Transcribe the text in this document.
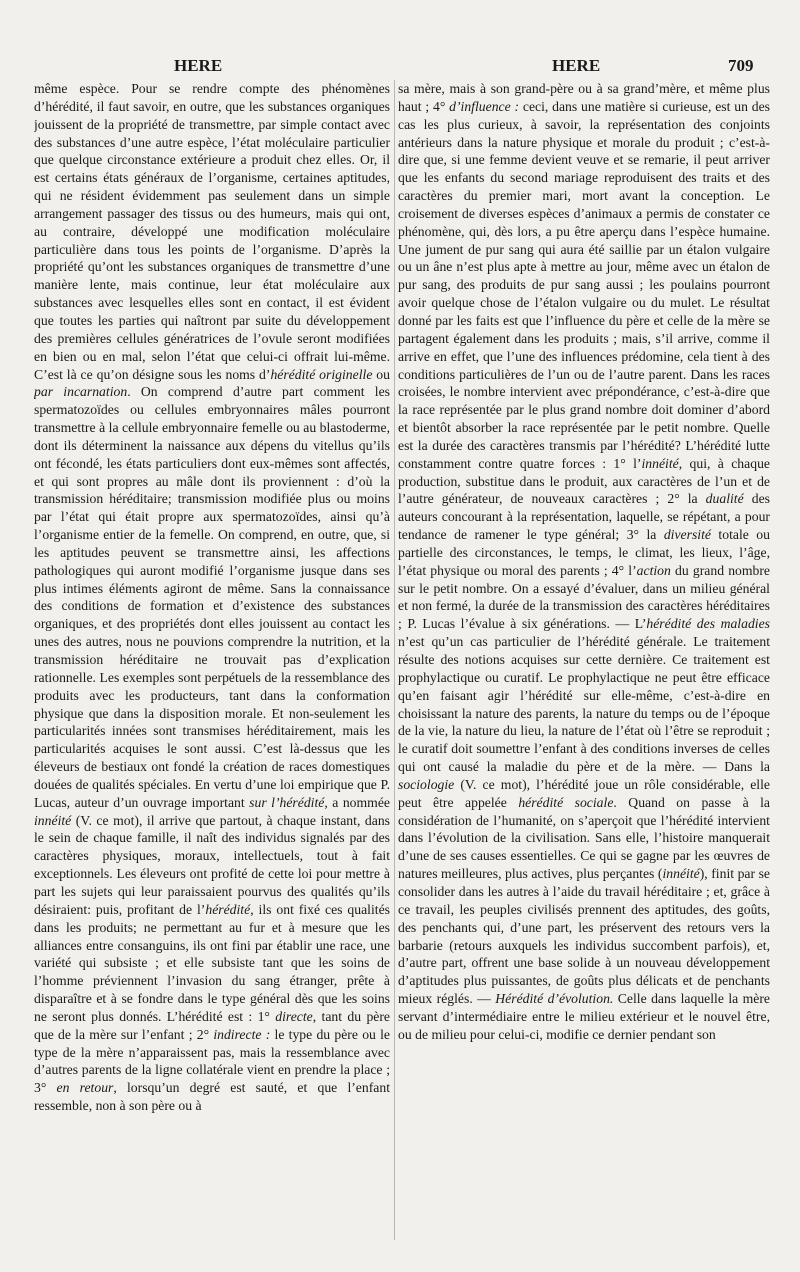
HERE	HERE	709

même espèce. Pour se rendre compte des phénomènes d’hérédité, il faut savoir, en outre, que les substances organiques jouissent de la propriété de transmettre, par simple contact avec des substances d’une autre espèce, l’état moléculaire particulier que quelque circonstance extérieure a produit chez elles. Or, il est certains états généraux de l’organisme, certaines aptitudes, qui ne résident évidemment pas seulement dans un simple arrangement passager des tissus ou des humeurs, mais qui ont, au contraire, développé une modification moléculaire particulière dans tous les points de l’organisme. D’après la propriété qu’ont les substances organiques de transmettre d’une manière lente, mais continue, leur état moléculaire aux substances avec lesquelles elles sont en contact, il est évident que toutes les parties qui naîtront par suite du développement des premières cellules génératrices de l’ovule seront modifiées en bien ou en mal, selon l’état que celui-ci offrait lui-même. C’est là ce qu’on désigne sous les noms d’hérédité originelle ou par incarnation. On comprend d’autre part comment les spermatozoïdes ou cellules embryonnaires mâles pourront transmettre à la cellule embryonnaire femelle ou au blastoderme, dont ils déterminent la naissance aux dépens du vitellus qu’ils ont fécondé, les états particuliers dont eux-mêmes sont affectés, et qui sont propres au mâle dont ils proviennent : d’où la transmission héréditaire; transmission modifiée plus ou moins par l’état qui était propre aux spermatozoïdes, ainsi qu’à l’organisme entier de la femelle. On comprend, en outre, que, si les aptitudes peuvent se transmettre ainsi, les affections pathologiques qui auront modifié l’organisme jusque dans ses plus intimes éléments agiront de même. Sans la connaissance des conditions de formation et d’existence des substances organiques, et des propriétés dont elles jouissent au contact les unes des autres, nous ne pouvions comprendre la nutrition, et la transmission héréditaire ne trouvait pas d’explication rationnelle. Les exemples sont perpétuels de la ressemblance des produits avec les producteurs, tant dans la conformation physique que dans la disposition morale. Et non-seulement les particularités innées sont transmises héréditairement, mais les particularités acquises le sont aussi. C’est là-dessus que les éleveurs de bestiaux ont fondé la création de races domestiques douées de qualités spéciales. En vertu d’une loi empirique que P. Lucas, auteur d’un ouvrage important sur l’hérédité, a nommée innéité (V. ce mot), il arrive que partout, à chaque instant, dans le sein de chaque famille, il naît des individus signalés par des caractères physiques, moraux, intellectuels, tout à fait exceptionnels. Les éleveurs ont profité de cette loi pour mettre à part les sujets qui leur paraissaient pourvus des qualités qu’ils désiraient: puis, profitant de l’hérédité, ils ont fixé ces qualités dans les produits; ne permettant au fur et à mesure que les alliances entre consanguins, ils ont fini par établir une race, une variété qui subsiste ; et elle subsiste tant que les soins de l’homme préviennent l’invasion du sang étranger, prête à disparaître et à se fondre dans le type général dès que les soins ne seront plus donnés. L’hérédité est : 1° directe, tant du père que de la mère sur l’enfant ; 2° indirecte : le type du père ou le type de la mère n’apparaissent pas, mais la ressemblance avec d’autres parents de la ligne collatérale vient en prendre la place ; 3° en retour, lorsqu’un degré est sauté, et que l’enfant ressemble, non à son père ou à

sa mère, mais à son grand-père ou à sa grand’mère, et même plus haut ; 4° d’influence : ceci, dans une matière si curieuse, est un des cas les plus curieux, à savoir, la représentation des conjoints antérieurs dans la nature physique et morale du produit ; c’est-à-dire que, si une femme devient veuve et se remarie, il peut arriver que les enfants du second mariage reproduisent des traits et des caractères du premier mari, mort avant la conception. Le croisement de diverses espèces d’animaux a permis de constater ce phénomène, qui, dès lors, a pu être aperçu dans l’espèce humaine. Une jument de pur sang qui aura été saillie par un étalon vulgaire ou un âne n’est plus apte à mettre au jour, même avec un étalon de pur sang, des produits de pur sang aussi ; les poulains pourront avoir quelque chose de l’étalon vulgaire ou du mulet. Le résultat donné par les faits est que l’influence du père et celle de la mère se partagent également dans les produits ; mais, s’il arrive, comme il arrive en effet, que l’une des influences prédomine, cela tient à des conditions particulières de l’un ou de l’autre parent. Dans les races croisées, le nombre intervient avec prépondérance, c’est-à-dire que la race représentée par le plus grand nombre doit dominer d’abord et bientôt absorber la race représentée par le petit nombre. Quelle est la durée des caractères transmis par l’hérédité? L’hérédité lutte constamment contre quatre forces : 1° l’innéité, qui, à chaque production, substitue dans le produit, aux caractères de l’un et de l’autre générateur, de nouveaux caractères ; 2° la dualité des auteurs concourant à la représentation, laquelle, se répétant, a pour tendance de ramener le type général; 3° la diversité totale ou partielle des circonstances, le temps, le climat, les lieux, l’âge, l’état physique ou moral des parents ; 4° l’action du grand nombre sur le petit nombre. On a essayé d’évaluer, dans un milieu général et non fermé, la durée de la transmission des caractères héréditaires ; P. Lucas l’évalue à six générations. — L’hérédité des maladies n’est qu’un cas particulier de l’hérédité générale. Le traitement résulte des notions acquises sur cette dernière. Ce traitement est prophylactique ou curatif. Le prophylactique ne peut être efficace qu’en faisant agir l’hérédité sur elle-même, c’est-à-dire en choisissant la nature des parents, la nature du temps ou de l’époque de la vie, la nature du lieu, la nature de l’état où l’être se reproduit ; le curatif doit soumettre l’enfant à des conditions inverses de celles qui ont causé la maladie du père et de la mère. — Dans la sociologie (V. ce mot), l’hérédité joue un rôle considérable, elle peut être appelée hérédité sociale. Quand on passe à la considération de l’humanité, on s’aperçoit que l’hérédité intervient dans l’évolution de la civilisation. Sans elle, l’histoire manquerait d’une de ses causes essentielles. Ce qui se gagne par les œuvres de natures meilleures, plus actives, plus perçantes (innéité), finit par se consolider dans les autres à l’aide du travail héréditaire ; et, grâce à ce travail, les peuples civilisés prennent des aptitudes, des goûts, des penchants qui, d’une part, les préservent des retours vers la barbarie (retours auxquels les individus succombent parfois), et, d’autre part, offrent une base solide à un nouveau développement d’aptitudes plus puissantes, de goûts plus délicats et de penchants mieux réglés. — Hérédité d’évolution. Celle dans laquelle la mère servant d’intermédiaire entre le milieu extérieur et le nouvel être, ou de milieu pour celui-ci, modifie ce dernier pendant son
